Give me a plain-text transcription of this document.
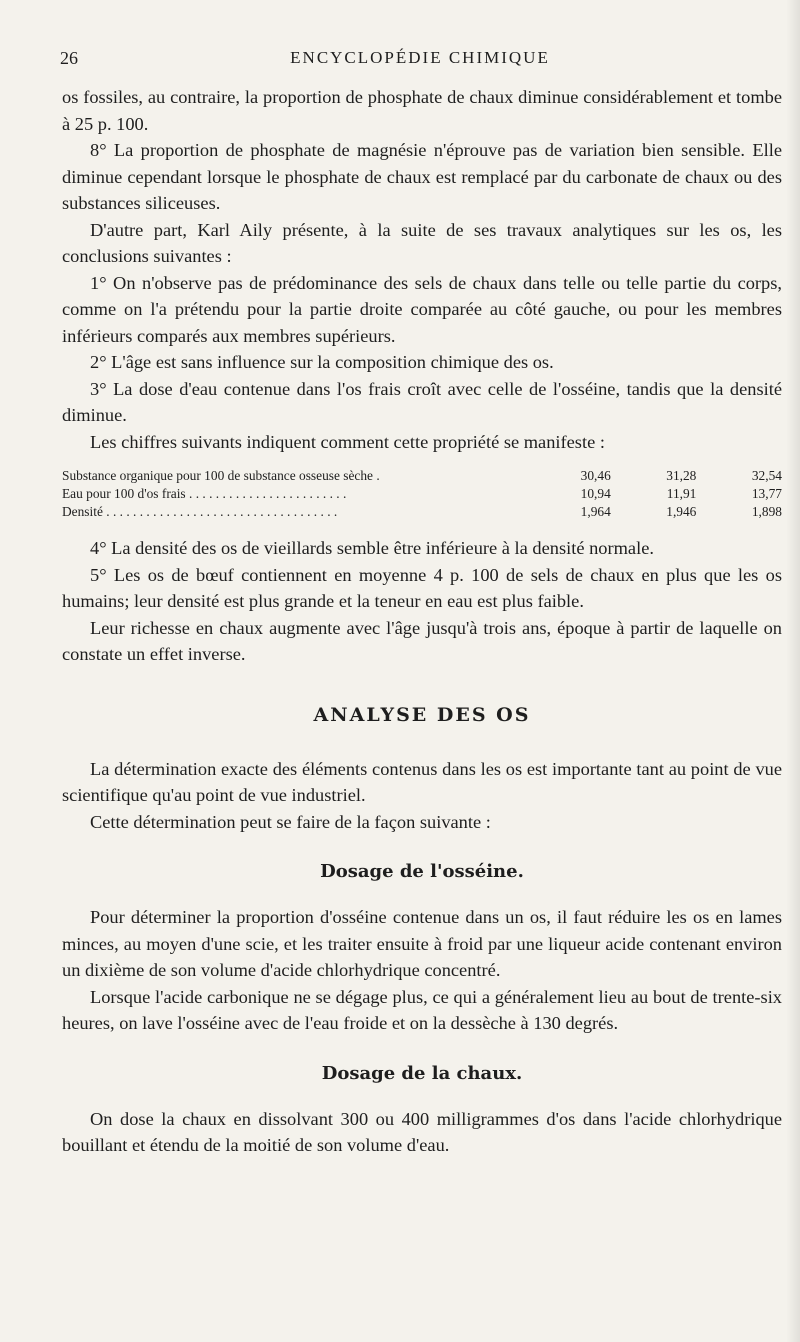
26	ENCYCLOPÉDIE CHIMIQUE

os fossiles, au contraire, la proportion de phosphate de chaux diminue considérablement et tombe à 25 p. 100.

8° La proportion de phosphate de magnésie n'éprouve pas de variation bien sensible. Elle diminue cependant lorsque le phosphate de chaux est remplacé par du carbonate de chaux ou des substances siliceuses.

D'autre part, Karl Aily présente, à la suite de ses travaux analytiques sur les os, les conclusions suivantes :

1° On n'observe pas de prédominance des sels de chaux dans telle ou telle partie du corps, comme on l'a prétendu pour la partie droite comparée au côté gauche, ou pour les membres inférieurs comparés aux membres supérieurs.

2° L'âge est sans influence sur la composition chimique des os.

3° La dose d'eau contenue dans l'os frais croît avec celle de l'osséine, tandis que la densité diminue.

Les chiffres suivants indiquent comment cette propriété se manifeste :

Substance organique pour 100 de substance osseuse sèche .	30,46	31,28	32,54
Eau pour 100 d'os frais . . . . . . . . . . . . . . . . . . . . . . . .	10,94	11,91	13,77
Densité . . . . . . . . . . . . . . . . . . . . . . . . . . . . . . . . . . .	1,964	1,946	1,898

4° La densité des os de vieillards semble être inférieure à la densité normale.

5° Les os de bœuf contiennent en moyenne 4 p. 100 de sels de chaux en plus que les os humains; leur densité est plus grande et la teneur en eau est plus faible.

Leur richesse en chaux augmente avec l'âge jusqu'à trois ans, époque à partir de laquelle on constate un effet inverse.

ANALYSE DES OS

La détermination exacte des éléments contenus dans les os est importante tant au point de vue scientifique qu'au point de vue industriel.

Cette détermination peut se faire de la façon suivante :

Dosage de l'osséine.

Pour déterminer la proportion d'osséine contenue dans un os, il faut réduire les os en lames minces, au moyen d'une scie, et les traiter ensuite à froid par une liqueur acide contenant environ un dixième de son volume d'acide chlorhydrique concentré.

Lorsque l'acide carbonique ne se dégage plus, ce qui a généralement lieu au bout de trente-six heures, on lave l'osséine avec de l'eau froide et on la dessèche à 130 degrés.

Dosage de la chaux.

On dose la chaux en dissolvant 300 ou 400 milligrammes d'os dans l'acide chlorhydrique bouillant et étendu de la moitié de son volume d'eau.
